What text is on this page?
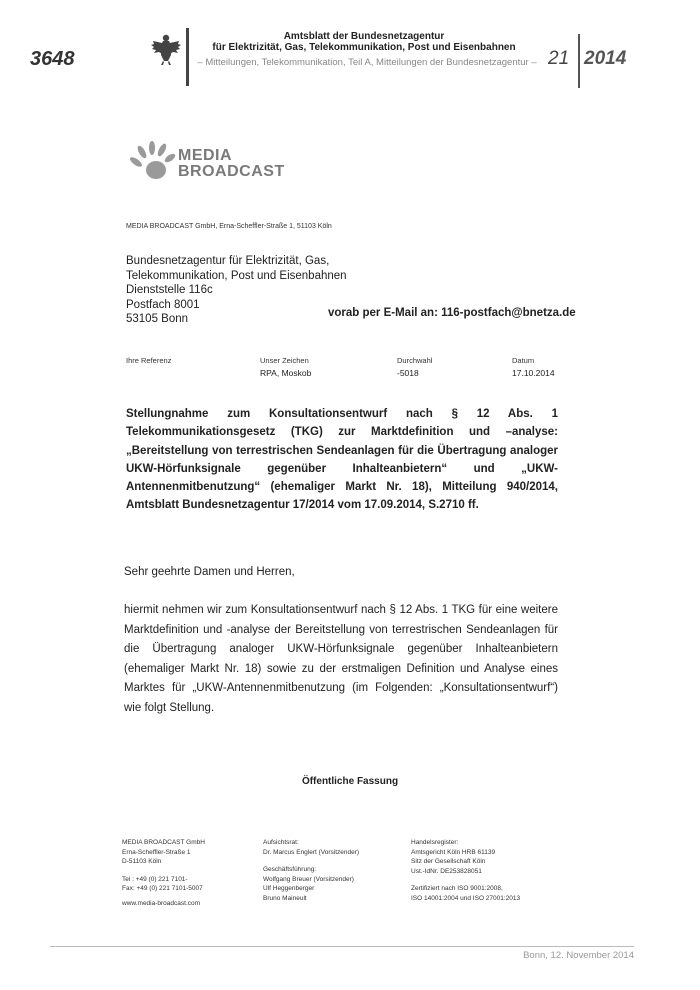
3648
Amtsblatt der Bundesnetzagentur
für Elektrizität, Gas, Telekommunikation, Post und Eisenbahnen
– Mitteilungen, Telekommunikation, Teil A, Mitteilungen der Bundesnetzagentur – 21 2014
MEDIA
BROADCAST
MEDIA BROADCAST GmbH, Erna-Scheffler-Straße 1, 51103 Köln
Bundesnetzagentur für Elektrizität, Gas,
Telekommunikation, Post und Eisenbahnen
Dienststelle 116c
Postfach 8001
53105 Bonn	vorab per E-Mail an: 116-postfach@bnetza.de
Ihre Referenz	Unser Zeichen
RPA, Moskob
Durchwahl
-5018
Datum
17.10.2014
Stellungnahme zum Konsultationsentwurf nach § 12 Abs. 1 Telekommunikationsgesetz (TKG) zur Marktdefinition und –analyse: „Bereitstellung von terrestrischen Sendeanlagen für die Übertragung analoger UKW-Hörfunksignale gegenüber Inhalteanbietern“ und „UKW-Antennenmitbenutzung“ (ehemaliger Markt Nr. 18), Mitteilung 940/2014, Amtsblatt Bundesnetzagentur 17/2014 vom 17.09.2014, S.2710 ff.
Sehr geehrte Damen und Herren,
hiermit nehmen wir zum Konsultationsentwurf nach § 12 Abs. 1 TKG für eine weitere Marktdefinition und -analyse der Bereitstellung von terrestrischen Sendeanlagen für die Übertragung analoger UKW-Hörfunksignale gegenüber Inhalteanbietern (ehemaliger Markt Nr. 18) sowie zu der erstmaligen Definition und Analyse eines Marktes für „UKW-Antennenmitbenutzung (im Folgenden: „Konsultationsentwurf“) wie folgt Stellung.
Öffentliche Fassung
MEDIA BROADCAST GmbH
Erna-Scheffler-Straße 1
D-51103 Köln
Tel : +49 (0) 221 7101-
Fax: +49 (0) 221 7101-5007
www.media-broadcast.com
Aufsichtsrat:
Dr. Marcus Englert (Vorsitzender)
Geschäftsführung:
Wolfgang Breuer (Vorsitzender)
Ulf Heggenberger
Bruno Maineult
Handelsregister:
Amtsgericht Köln HRB 61139
Sitz der Gesellschaft Köln
Ust.-IdNr. DE253828051
Zertifiziert nach ISO 9001:2008,
ISO 14001:2004 und ISO 27001:2013
Bonn, 12. November 2014
